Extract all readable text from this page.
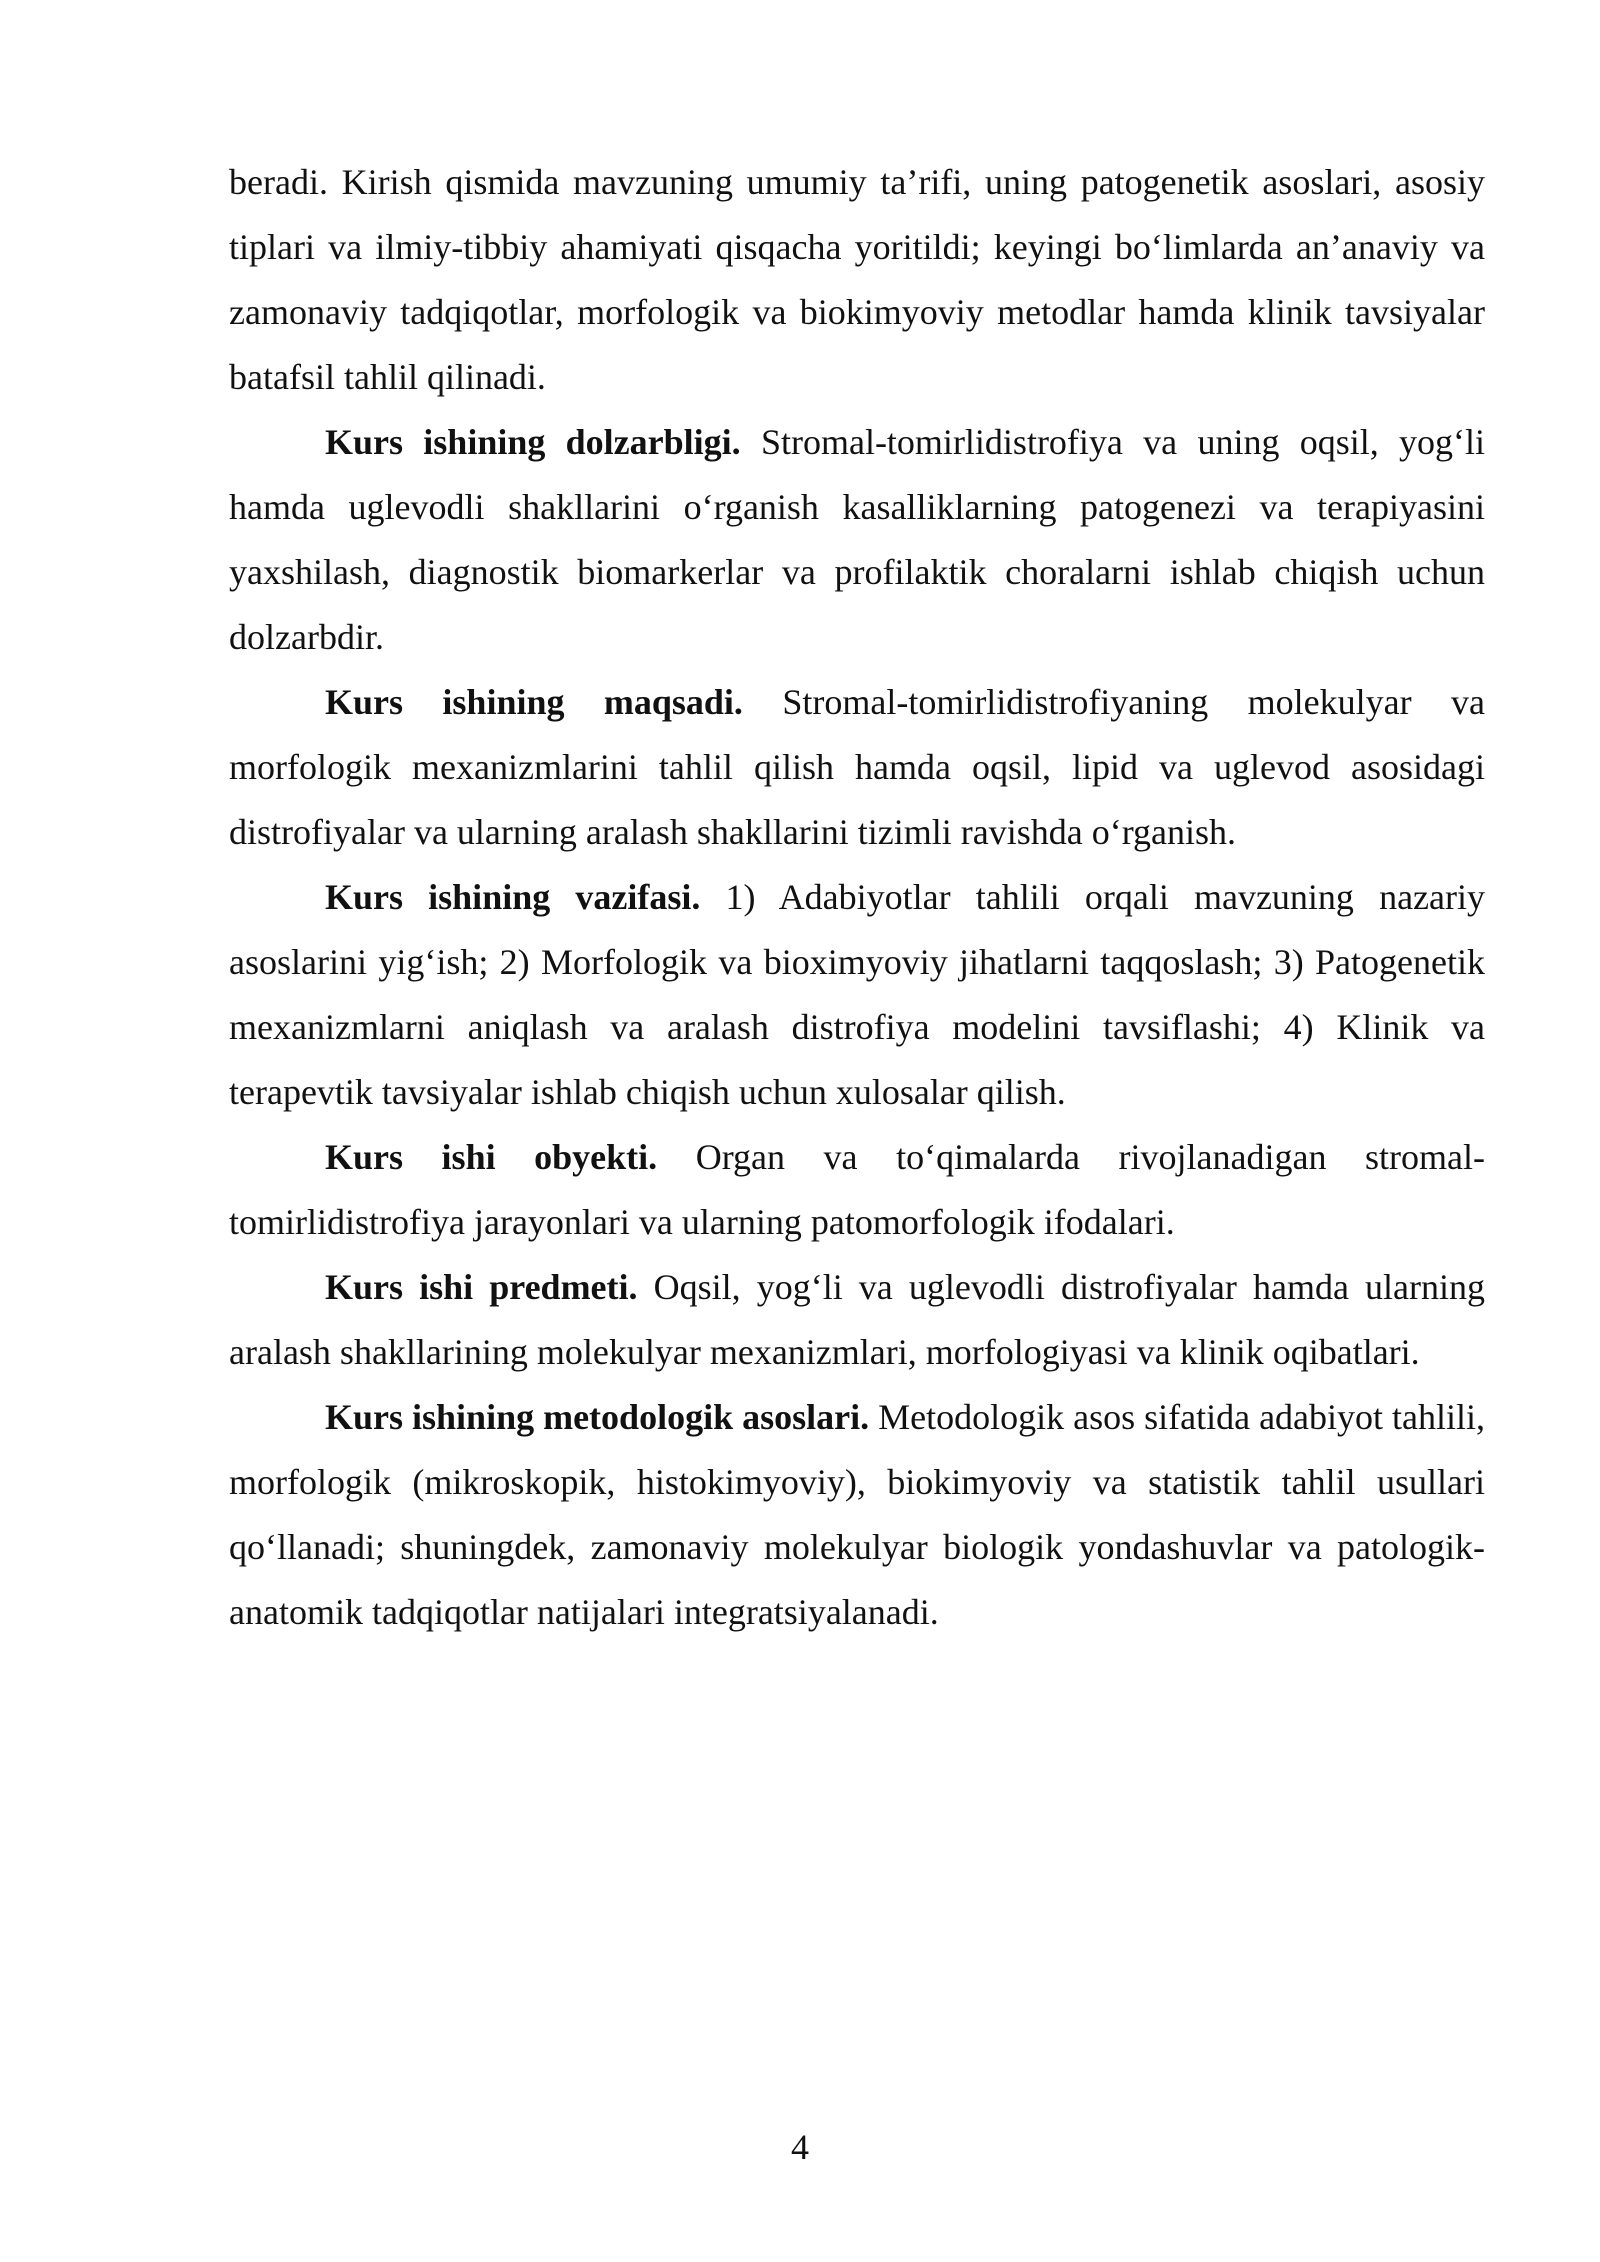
beradi. Kirish qismida mavzuning umumiy ta’rifi, uning patogenetik asoslari, asosiy tiplari va ilmiy-tibbiy ahamiyati qisqacha yoritildi; keyingi bo‘limlarda an’anaviy va zamonaviy tadqiqotlar, morfologik va biokimyoviy metodlar hamda klinik tavsiyalar batafsil tahlil qilinadi.

Kurs ishining dolzarbligi. Stromal-tomirlidistrofiya va uning oqsil, yog‘li hamda uglevodli shakllarini o‘rganish kasalliklarning patogenezi va terapiyasini yaxshilash, diagnostik biomarkerlar va profilaktik choralarni ishlab chiqish uchun dolzarbdir.

Kurs ishining maqsadi. Stromal-tomirlidistrofiyaning molekulyar va morfologik mexanizmlarini tahlil qilish hamda oqsil, lipid va uglevod asosidagi distrofiyalar va ularning aralash shakllarini tizimli ravishda o‘rganish.

Kurs ishining vazifasi. 1) Adabiyotlar tahlili orqali mavzuning nazariy asoslarini yig‘ish; 2) Morfologik va bioximyoviy jihatlarni taqqoslash; 3) Patogenetik mexanizmlarni aniqlash va aralash distrofiya modelini tavsiflashi; 4) Klinik va terapevtik tavsiyalar ishlab chiqish uchun xulosalar qilish.

Kurs ishi obyekti. Organ va to‘qimalarda rivojlanadigan stromal-tomirlidistrofiya jarayonlari va ularning patomorfologik ifodalari.

Kurs ishi predmeti. Oqsil, yog‘li va uglevodli distrofiyalar hamda ularning aralash shakllarining molekulyar mexanizmlari, morfologiyasi va klinik oqibatlari.

Kurs ishining metodologik asoslari. Metodologik asos sifatida adabiyot tahlili, morfologik (mikroskopik, histokimyoviy), biokimyoviy va statistik tahlil usullari qo‘llanadi; shuningdek, zamonaviy molekulyar biologik yondashuvlar va patologik-anatomik tadqiqotlar natijalari integratsiyalanadi.

4
